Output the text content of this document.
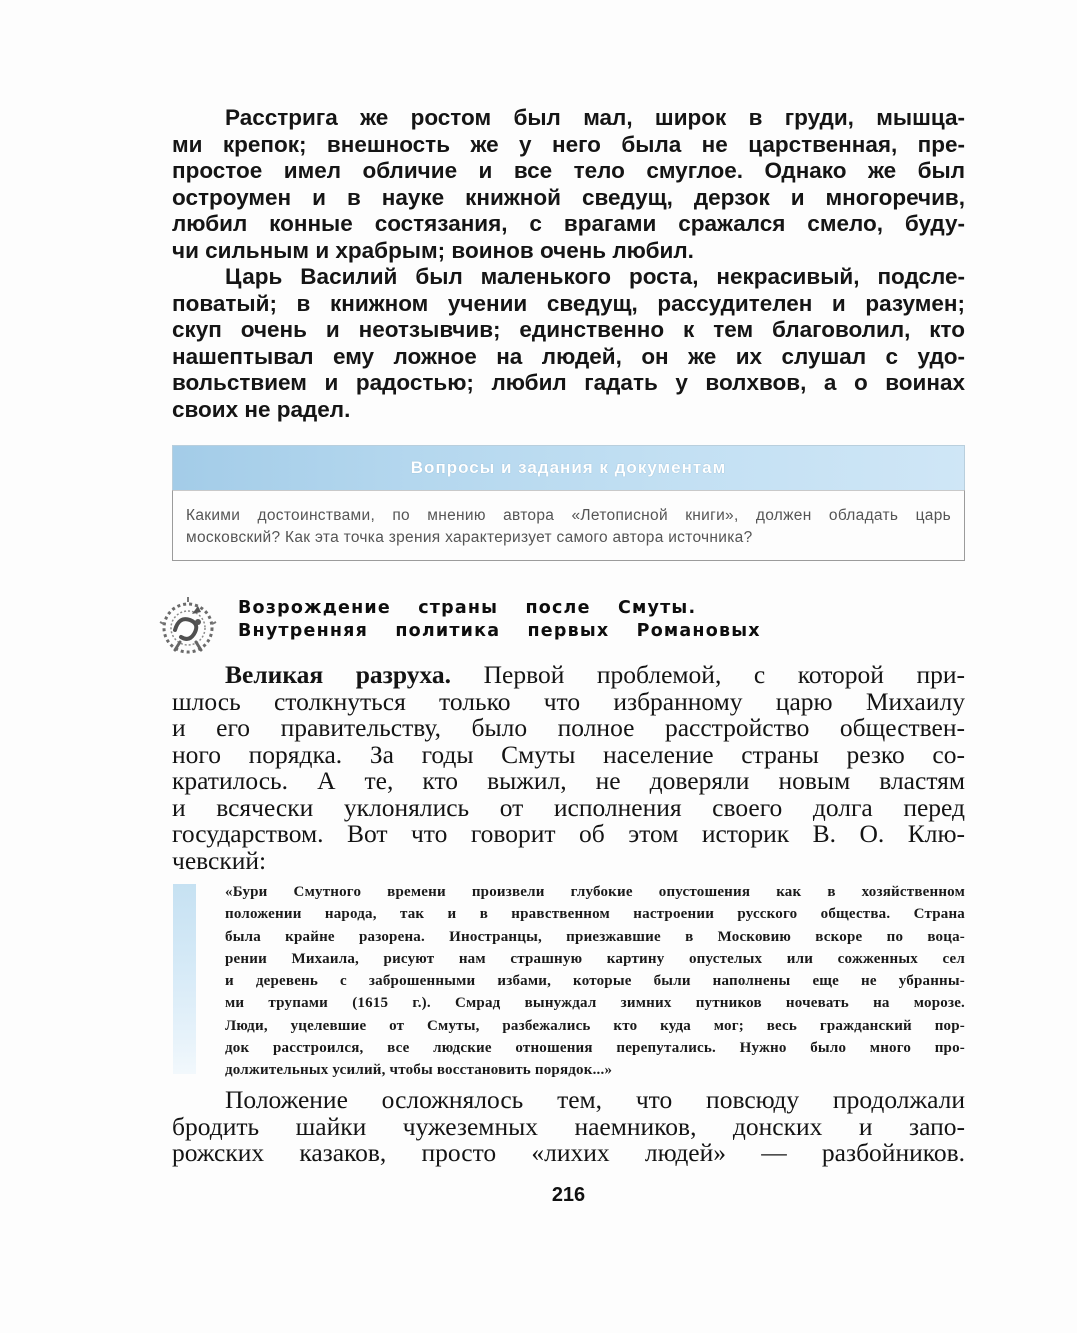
Расстрига же ростом был мал, широк в груди, мышца-
ми крепок; внешность же у него была не царственная, пре-
простое имел обличие и все тело смуглое. Однако же был
остроумен и в науке книжной сведущ, дерзок и многоречив,
любил конные состязания, с врагами сражался смело, буду-
чи сильным и храбрым; воинов очень любил.
Царь Василий был маленького роста, некрасивый, подсле-
поватый; в книжном учении сведущ, рассудителен и разумен;
скуп очень и неотзывчив; единственно к тем благоволил, кто
нашептывал ему ложное на людей, он же их слушал с удо-
вольствием и радостью; любил гадать у волхвов, а о воинах
своих не радел.
Вопросы и задания к документам
Какими достоинствами, по мнению автора «Летописной книги», должен обладать царь
московский? Как эта точка зрения характеризует самого автора источника?
Возрождение страны после Смуты.
Внутренняя политика первых Романовых
Великая разруха. Первой проблемой, с которой при-
шлось столкнуться только что избранному царю Михаилу
и его правительству, было полное расстройство обществен-
ного порядка. За годы Смуты население страны резко со-
кратилось. А те, кто выжил, не доверяли новым властям
и всячески уклонялись от исполнения своего долга перед
государством. Вот что говорит об этом историк В. О. Клю-
чевский:
«Бури Смутного времени произвели глубокие опустошения как в хозяйственном
положении народа, так и в нравственном настроении русского общества. Страна
была крайне разорена. Иностранцы, приезжавшие в Московию вскоре по воца-
рении Михаила, рисуют нам страшную картину опустелых или сожженных сел
и деревень с заброшенными избами, которые были наполнены еще не убранны-
ми трупами (1615 г.). Смрад вынуждал зимних путников ночевать на морозе.
Люди, уцелевшие от Смуты, разбежались кто куда мог; весь гражданский пор-
док расстроился, все людские отношения перепутались. Нужно было много про-
должительных усилий, чтобы восстановить порядок...»
Положение осложнялось тем, что повсюду продолжали
бродить шайки чужеземных наемников, донских и запо-
рожских казаков, просто «лихих людей» — разбойников.
216
